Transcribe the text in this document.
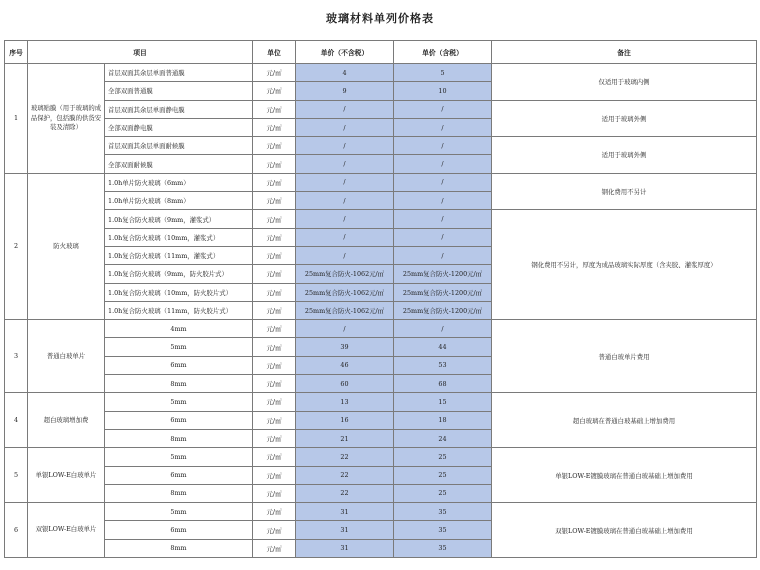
玻璃材料单列价格表
序号	项目		单位	单价（不含税）	单价（含税）	备注
1	玻璃贴膜（用于玻璃的成品保护，包括膜的供货安装及清除）	首层双面其余层单面普通膜	元/㎡	4	5	仅适用于玻璃内侧
		全部双面普通膜	元/㎡	9	10	
		首层双面其余层单面静电膜	元/㎡	/	/	适用于玻璃外侧
		全部双面静电膜	元/㎡	/	/	
		首层双面其余层单面耐候膜	元/㎡	/	/	适用于玻璃外侧
		全部双面耐候膜	元/㎡	/	/	
2	防火玻璃	1.0h单片防火玻璃（6mm）	元/㎡	/	/	钢化费用不另计
		1.0h单片防火玻璃（8mm）	元/㎡	/	/	
		1.0h复合防火玻璃（9mm，灌浆式）	元/㎡	/	/	钢化费用不另计，厚度为成品玻璃实际厚度（含夹胶、灌浆厚度）
		1.0h复合防火玻璃（10mm，灌浆式）	元/㎡	/	/	
		1.0h复合防火玻璃（11mm，灌浆式）	元/㎡	/	/	
		1.0h复合防火玻璃（9mm，防火胶片式）	元/㎡	25mm复合防火-1062元/㎡	25mm复合防火-1200元/㎡	
		1.0h复合防火玻璃（10mm，防火胶片式）	元/㎡	25mm复合防火-1062元/㎡	25mm复合防火-1200元/㎡	
		1.0h复合防火玻璃（11mm，防火胶片式）	元/㎡	25mm复合防火-1062元/㎡	25mm复合防火-1200元/㎡	
3	普通白玻单片	4mm	元/㎡	/	/	普通白玻单片费用
		5mm	元/㎡	39	44	
		6mm	元/㎡	46	53	
		8mm	元/㎡	60	68	
4	超白玻璃增加费	5mm	元/㎡	13	15	超白玻璃在普通白玻基础上增加费用
		6mm	元/㎡	16	18	
		8mm	元/㎡	21	24	
5	单银LOW-E白玻单片	5mm	元/㎡	22	25	单银LOW-E镀膜玻璃在普通白玻基础上增加费用
		6mm	元/㎡	22	25	
		8mm	元/㎡	22	25	
6	双银LOW-E白玻单片	5mm	元/㎡	31	35	双银LOW-E镀膜玻璃在普通白玻基础上增加费用
		6mm	元/㎡	31	35	
		8mm	元/㎡	31	35	
